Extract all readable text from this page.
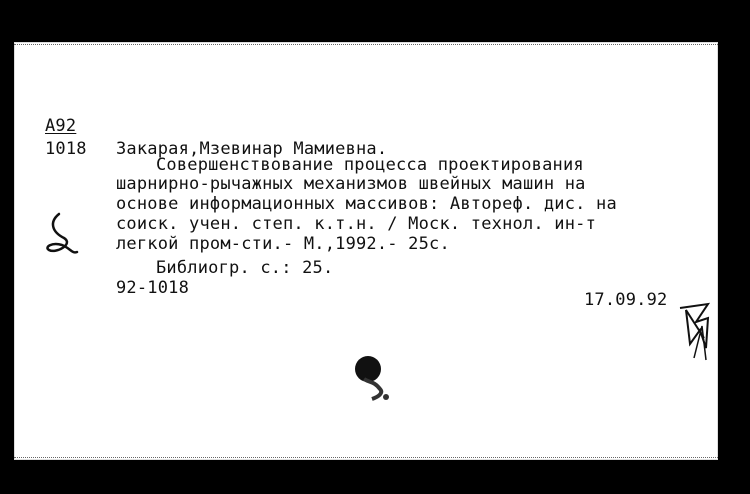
A92
1018 Закарая,Мзевинар Мамиевна.
Совершенствование процесса проектирования
шарнирно-рычажных механизмов швейных машин на
основе информационных массивов: Автореф. дис. на
соиск. учен. степ. к.т.н. / Моск. технол. ин-т
легкой пром-сти.- М.,1992.- 25с.
Библиогр. с.: 25.
92-1018
17.09.92
